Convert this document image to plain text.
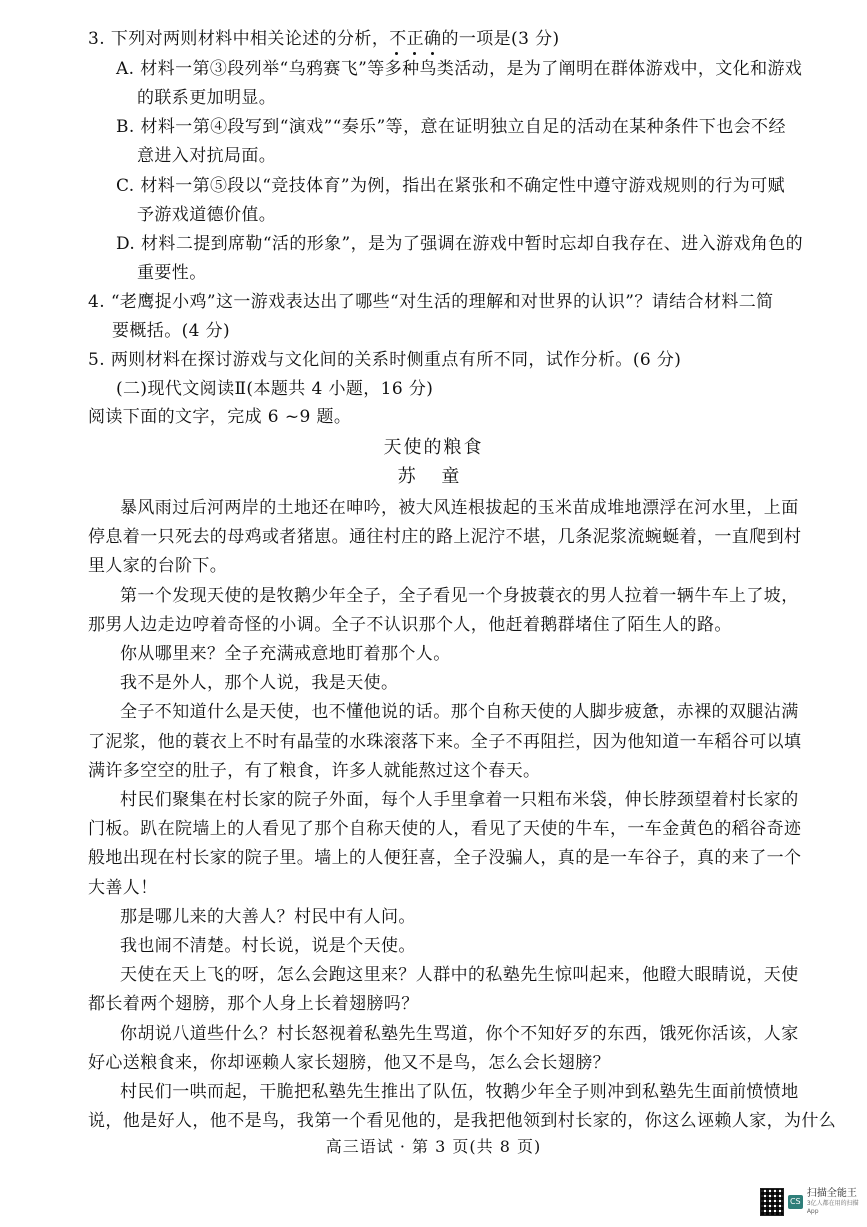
3. 下列对两则材料中相关论述的分析，不正确
的一项是(3 分)
A. 材料一第③段列举“乌鸦赛飞”等多种鸟类活动，是为了阐明在群体游戏中，文化和游戏
的联系更加明显。
B. 材料一第④段写到“演戏”“奏乐”等，意在证明独立自足的活动在某种条件下也会不经
意进入对抗局面。
C. 材料一第⑤段以“竞技体育”为例，指出在紧张和不确定性中遵守游戏规则的行为可赋
予游戏道德价值。
D. 材料二提到席勒“活的形象”，是为了强调在游戏中暂时忘却自我存在、进入游戏角色的
重要性。
4. “老鹰捉小鸡”这一游戏表达出了哪些“对生活的理解和对世界的认识”？请结合材料二简
要概括。(4 分)
5. 两则材料在探讨游戏与文化间的关系时侧重点有所不同，试作分析。(6 分)
(二)现代文阅读Ⅱ(本题共 4 小题，16 分)
阅读下面的文字，完成 6 ~9 题。
天使的粮食
苏 童
暴风雨过后河两岸的土地还在呻吟，被大风连根拔起的玉米苗成堆地漂浮在河水里，上面
停息着一只死去的母鸡或者猪崽。通往村庄的路上泥泞不堪，几条泥浆流蜿蜒着，一直爬到村
里人家的台阶下。
第一个发现天使的是牧鹅少年全子，全子看见一个身披蓑衣的男人拉着一辆牛车上了坡，
那男人边走边哼着奇怪的小调。全子不认识那个人，他赶着鹅群堵住了陌生人的路。
你从哪里来？全子充满戒意地盯着那个人。
我不是外人，那个人说，我是天使。
全子不知道什么是天使，也不懂他说的话。那个自称天使的人脚步疲惫，赤裸的双腿沾满
了泥浆，他的蓑衣上不时有晶莹的水珠滚落下来。全子不再阻拦，因为他知道一车稻谷可以填
满许多空空的肚子，有了粮食，许多人就能熬过这个春天。
村民们聚集在村长家的院子外面，每个人手里拿着一只粗布米袋，伸长脖颈望着村长家的
门板。趴在院墙上的人看见了那个自称天使的人，看见了天使的牛车，一车金黄色的稻谷奇迹
般地出现在村长家的院子里。墙上的人便狂喜，全子没骗人，真的是一车谷子，真的来了一个
大善人！
那是哪儿来的大善人？村民中有人问。
我也闹不清楚。村长说，说是个天使。
天使在天上飞的呀，怎么会跑这里来？人群中的私塾先生惊叫起来，他瞪大眼睛说，天使
都长着两个翅膀，那个人身上长着翅膀吗？
你胡说八道些什么？村长怒视着私塾先生骂道，你个不知好歹的东西，饿死你活该，人家
好心送粮食来，你却诬赖人家长翅膀，他又不是鸟，怎么会长翅膀？
村民们一哄而起，干脆把私塾先生推出了队伍，牧鹅少年全子则冲到私塾先生面前愤愤地
说，他是好人，他不是鸟，我第一个看见他的，是我把他领到村长家的，你这么诬赖人家，为什么
高三语试 · 第 3 页(共 8 页)
CS
扫描全能王
3亿人都在用的扫描App
